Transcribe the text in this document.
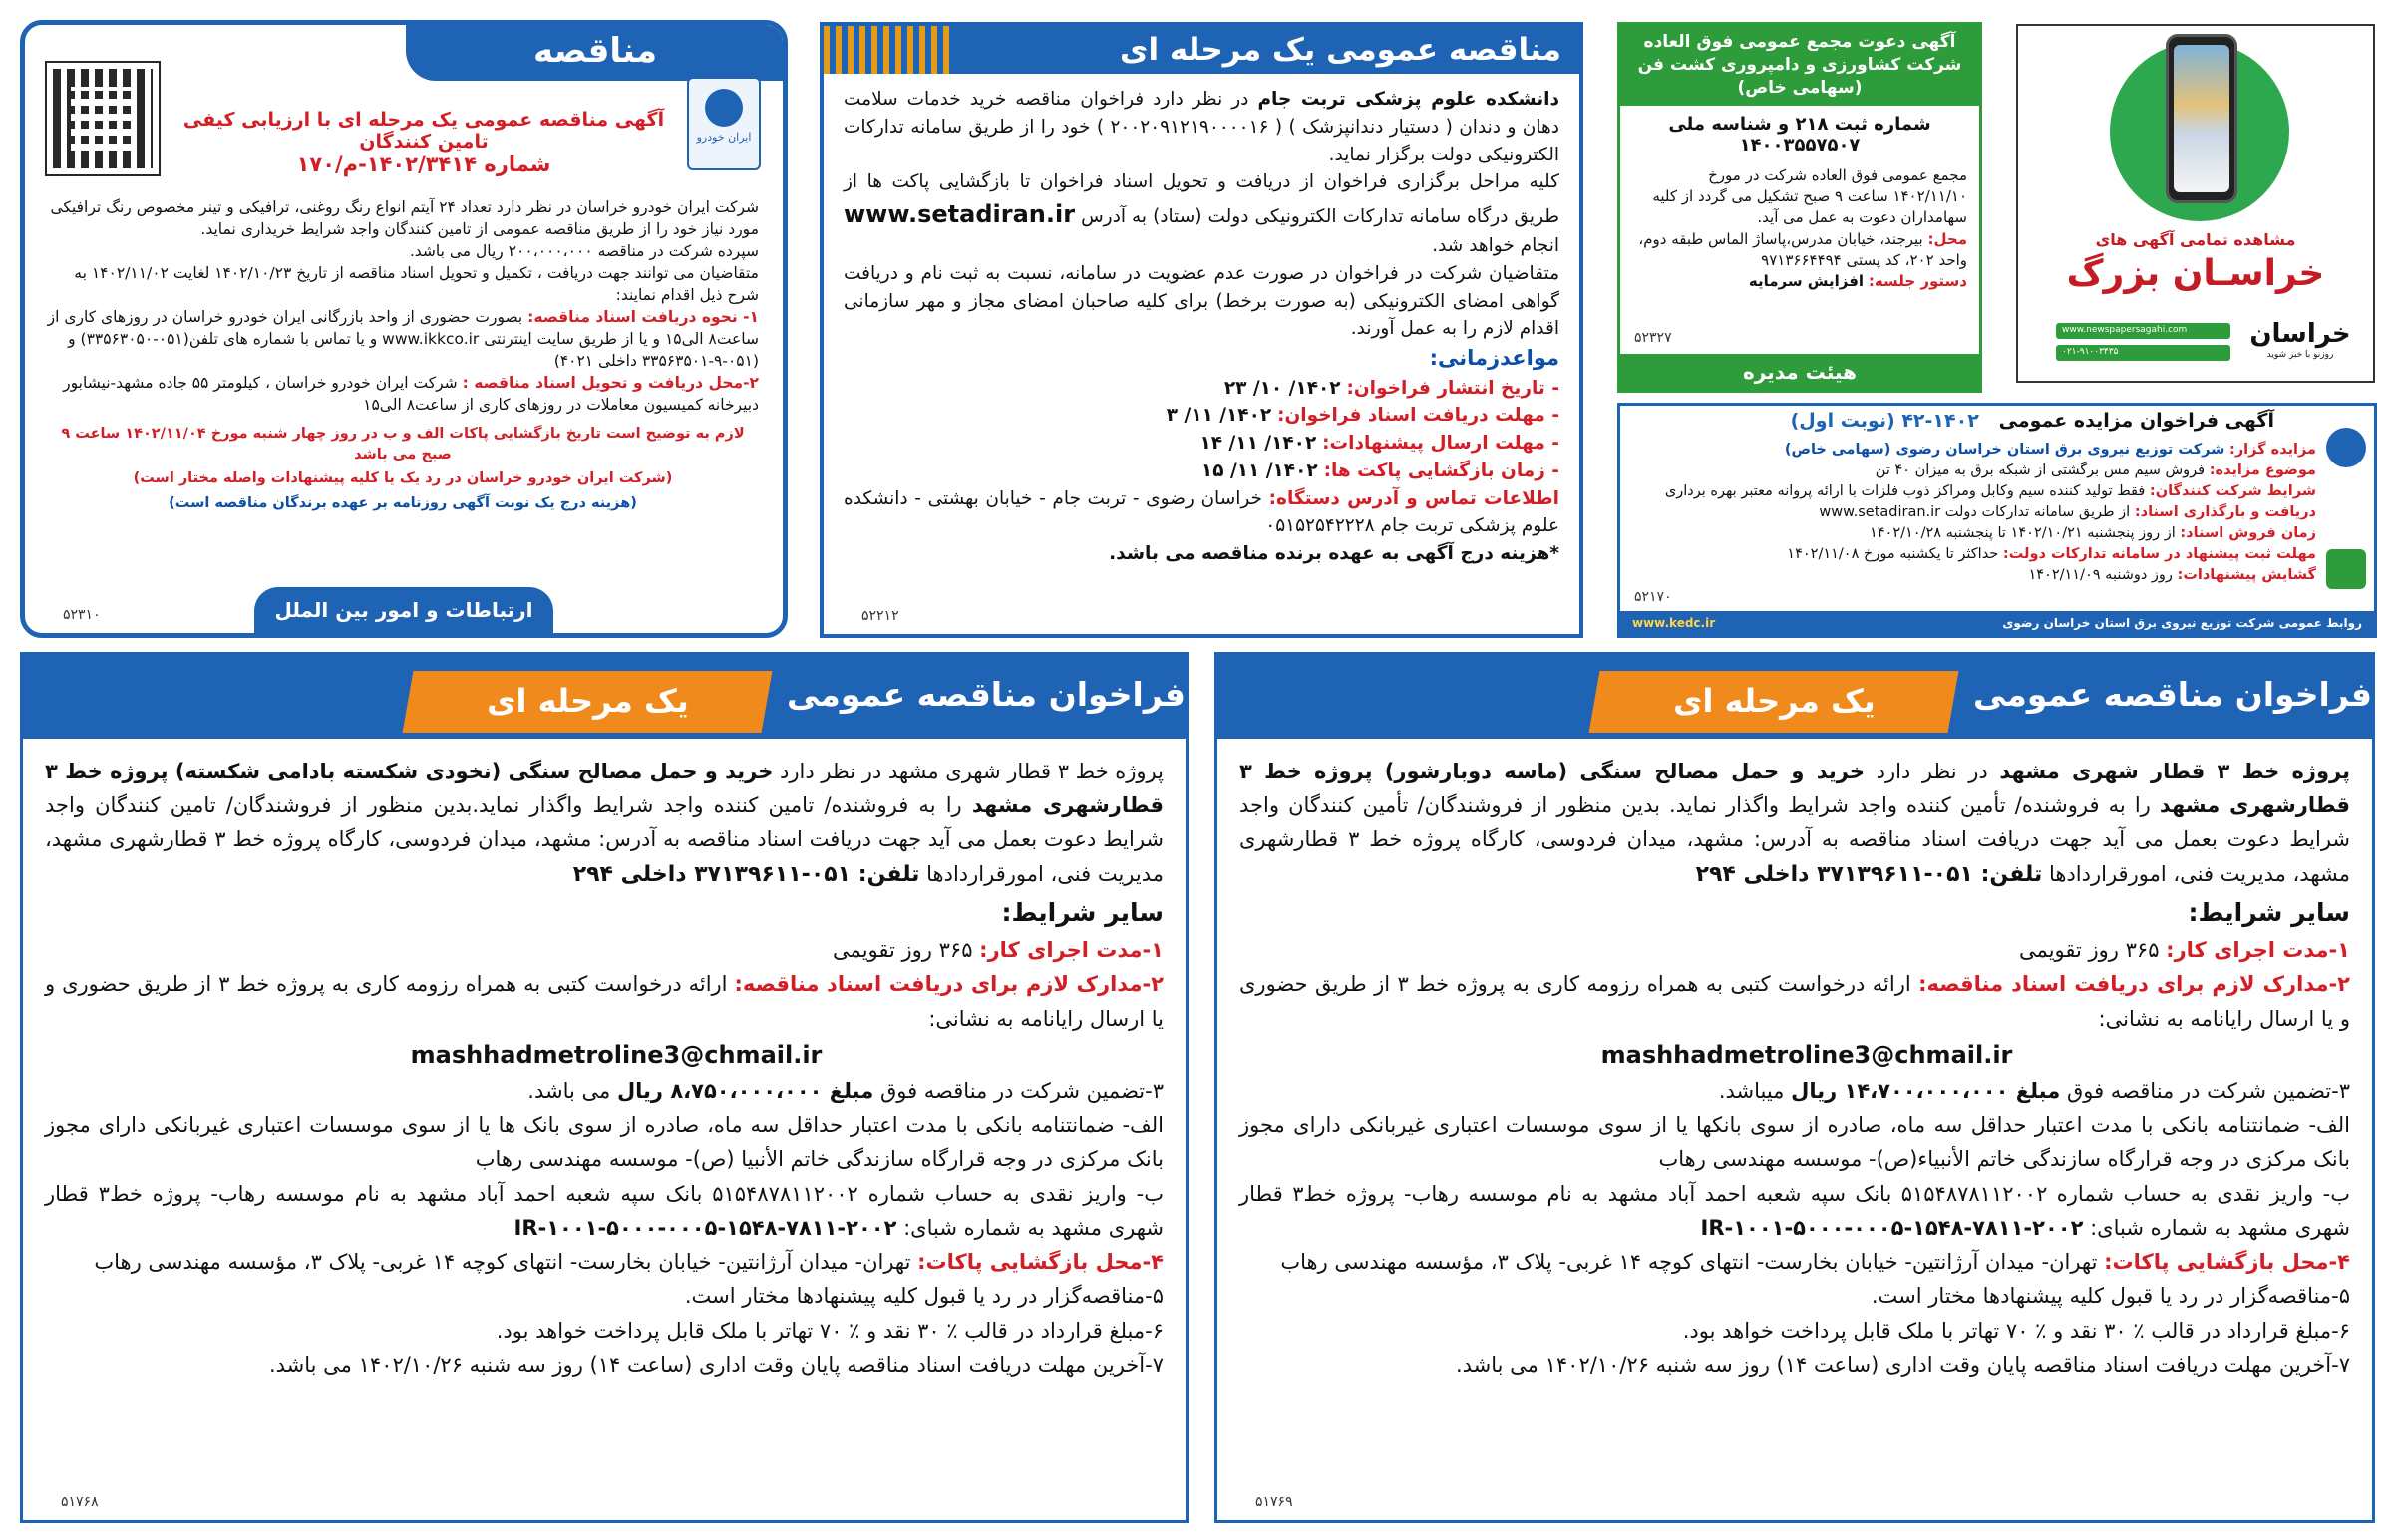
مناقصه
ایران خودرو
آگهی مناقصه عمومی یک مرحله ای با ارزیابی کیفی تامین کنندگان
شماره ۱۴۰۲/۳۴۱۴-م/۱۷۰

شرکت ایران خودرو خراسان در نظر دارد تعداد ۲۴ آیتم انواع رنگ روغنی، ترافیکی و تینر مخصوص رنگ ترافیکی مورد نیاز خود را از طریق مناقصه عمومی از تامین کنندگان واجد شرایط خریداری نماید.

سپرده شرکت در مناقصه ۲۰۰،۰۰۰،۰۰۰ ریال می باشد.

متقاضیان می توانند جهت دریافت ، تکمیل و تحویل اسناد مناقصه از تاریخ ۱۴۰۲/۱۰/۲۳ لغایت ۱۴۰۲/۱۱/۰۲ به شرح ذیل اقدام نمایند:

۱- نحوه دریافت اسناد مناقصه: بصورت حضوری از واحد بازرگانی ایران خودرو خراسان در روزهای کاری از ساعت۸ الی۱۵ و یا از طریق سایت اینترنتی www.ikkco.ir و یا تماس با شماره های تلفن(۰۵۱-۳۳۵۶۳۰۵۰) و (۰۵۱-۹-۳۳۵۶۳۵۰۱ داخلی ۴۰۲۱)

۲-محل دریافت و تحویل اسناد مناقصه : شرکت ایران خودرو خراسان ، کیلومتر ۵۵ جاده مشهد-نیشابور دبیرخانه کمیسیون معاملات در روزهای کاری از ساعت۸ الی۱۵

لازم به توضیح است تاریخ بازگشایی پاکات الف و ب در روز چهار شنبه مورخ ۱۴۰۲/۱۱/۰۴ ساعت ۹ صبح می باشد

(شرکت ایران خودرو خراسان در رد یک یا کلیه پیشنهادات واصله مختار است)

(هزینه درج یک نوبت آگهی روزنامه بر عهده برندگان مناقصه است)

ارتباطات و امور بین الملل
۵۲۳۱۰
مناقصه عمومی یک مرحله ای

دانشکده علوم پزشکی تربت جام در نظر دارد فراخوان مناقصه خرید خدمات سلامت دهان و دندان ( دستیار دندانپزشک ) ( ۲۰۰۲۰۹۱۲۱۹۰۰۰۰۱۶ ) خود را از طریق سامانه تدارکات الکترونیکی دولت برگزار نماید.

کلیه مراحل برگزاری فراخوان از دریافت و تحویل اسناد فراخوان تا بازگشایی پاکت ها از طریق درگاه سامانه تدارکات الکترونیکی دولت (ستاد) به آدرس www.setadiran.ir انجام خواهد شد.

متقاضیان شرکت در فراخوان در صورت عدم عضویت در سامانه، نسبت به ثبت نام و دریافت گواهی امضای الکترونیکی (به صورت برخط) برای کلیه صاحبان امضای مجاز و مهر سازمانی اقدام لازم را به عمل آورند.

مواعدزمانی:

- تاریخ انتشار فراخوان: ۱۴۰۲/ ۱۰/ ۲۳

- مهلت دریافت اسناد فراخوان: ۱۴۰۲/ ۱۱/ ۳

- مهلت ارسال پیشنهادات: ۱۴۰۲/ ۱۱/ ۱۴

- زمان بازگشایی پاکت ها: ۱۴۰۲/ ۱۱/ ۱۵

اطلاعات تماس و آدرس دستگاه: خراسان رضوی - تربت جام - خیابان بهشتی - دانشکده علوم پزشکی تربت جام ۰۵۱۵۲۵۴۲۲۲۸

*هزینه درج آگهی به عهده برنده مناقصه می باشد.

۵۲۲۱۲
آگهی دعوت مجمع عمومی فوق العاده شرکت کشاورزی و دامپروری کشت فن (سهامی خاص)
شماره ثبت ۲۱۸ و شناسه ملی ۱۴۰۰۳۵۵۷۵۰۷

مجمع عمومی فوق العاده شرکت در مورخ ۱۴۰۲/۱۱/۱۰ ساعت ۹ صبح تشکیل می گردد از کلیه سهامداران دعوت به عمل می آید.

محل: بیرجند، خیابان مدرس،پاساژ الماس طبقه دوم، واحد ۲۰۲، کد پستی ۹۷۱۳۶۶۴۴۹۴

دستور جلسه: افزایش سرمایه

۵۲۳۲۷
هیئت مدیره
مشاهده تمامی آگهی های
خراسـان بزرگ
www.newspapersagahi.com
۰۲۱-۹۱۰۰۳۴۳۵
خراسان
روزنو با خبر شوید
آگهی فراخوان مزایده عمومی   ۱۴۰۲-۴۲ (نوبت اول)

مزایده گزار: شرکت توزیع نیروی برق استان خراسان رضوی (سهامی خاص)

موضوع مزایده: فروش سیم مس برگشتی از شبکه برق به میزان ۴۰ تن

شرایط شرکت کنندگان: فقط تولید کننده سیم وکابل ومراکز ذوب فلزات با ارائه پروانه معتبر بهره برداری

دریافت و بارگذاری اسناد: از طریق سامانه تدارکات دولت www.setadiran.ir

زمان فروش اسناد: از روز پنجشنبه ۱۴۰۲/۱۰/۲۱ تا پنجشنبه ۱۴۰۲/۱۰/۲۸

مهلت ثبت پیشنهاد در سامانه تدارکات دولت: حداکثر تا یکشنبه مورخ ۱۴۰۲/۱۱/۰۸

گشایش پیشنهادات: روز دوشنبه ۱۴۰۲/۱۱/۰۹

۵۲۱۷۰
روابط عمومی شرکت توزیع نیروی برق استان خراسان رضوی
www.kedc.ir
فراخوان مناقصه عمومی
یک مرحله ای

پروژه خط ۳ قطار شهری مشهد در نظر دارد خرید و حمل مصالح سنگی (نخودی شکسته بادامی شکسته) پروژه خط ۳ قطارشهری مشهد را به فروشنده/ تامین کننده واجد شرایط واگذار نماید.بدین منظور از فروشندگان/ تامین کنندگان واجد شرایط دعوت بعمل می آید جهت دریافت اسناد مناقصه به آدرس: مشهد، میدان فردوسی، کارگاه پروژه خط ۳ قطارشهری مشهد، مدیریت فنی، امورقراردادها تلفن: ۰۵۱-۳۷۱۳۹۶۱۱ داخلی ۲۹۴

سایر شرایط:

۱-مدت اجرای کار: ۳۶۵ روز تقویمی

۲-مدارک لازم برای دریافت اسناد مناقصه: ارائه درخواست کتبی به همراه رزومه کاری به پروژه خط ۳ از طریق حضوری و یا ارسال رایانامه به نشانی:

mashhadmetroline3@chmail.ir

۳-تضمین شرکت در مناقصه فوق مبلغ ۸،۷۵۰،۰۰۰،۰۰۰ ریال می باشد.

الف- ضمانتنامه بانکی با مدت اعتبار حداقل سه ماه، صادره از سوی بانک ها یا از سوی موسسات اعتباری غیربانکی دارای مجوز بانک مرکزی در وجه قرارگاه سازندگی خاتم الأنبیا (ص)- موسسه مهندسی رهاب

ب- واریز نقدی به حساب شماره ۵۱۵۴۸۷۸۱۱۲۰۰۲ بانک سپه شعبه احمد آباد مشهد به نام موسسه رهاب- پروژه خط۳ قطار شهری مشهد به شماره شبای: IR-۱۰۰۱-۵۰۰۰-۰۰۰۵-۱۵۴۸-۷۸۱۱-۲۰۰۲

۴-محل بازگشایی پاکات: تهران- میدان آرژانتین- خیابان بخارست- انتهای کوچه ۱۴ غربی- پلاک ۳، مؤسسه مهندسی رهاب

۵-مناقصه‌گزار در رد یا قبول کلیه پیشنهادها مختار است.

۶-مبلغ قرارداد در قالب ٪ ۳۰ نقد و ٪ ۷۰ تهاتر با ملک قابل پرداخت خواهد بود.

۷-آخرین مهلت دریافت اسناد مناقصه پایان وقت اداری (ساعت ۱۴) روز سه شنبه ۱۴۰۲/۱۰/۲۶ می باشد.

۵۱۷۶۸
فراخوان مناقصه عمومی
یک مرحله ای

پروژه خط ۳ قطار شهری مشهد در نظر دارد خرید و حمل مصالح سنگی (ماسه دوبارشور) پروژه خط ۳ قطارشهری مشهد را به فروشنده/ تأمین کننده واجد شرایط واگذار نماید. بدین منظور از فروشندگان/ تأمین کنندگان واجد شرایط دعوت بعمل می آید جهت دریافت اسناد مناقصه به آدرس: مشهد، میدان فردوسی، کارگاه پروژه خط ۳ قطارشهری مشهد، مدیریت فنی، امورقراردادها تلفن: ۰۵۱-۳۷۱۳۹۶۱۱ داخلی ۲۹۴

سایر شرایط:

۱-مدت اجرای کار: ۳۶۵ روز تقویمی

۲-مدارک لازم برای دریافت اسناد مناقصه: ارائه درخواست کتبی به همراه رزومه کاری به پروژه خط ۳ از طریق حضوری و یا ارسال رایانامه به نشانی:

mashhadmetroline3@chmail.ir

۳-تضمین شرکت در مناقصه فوق مبلغ ۱۴،۷۰۰،۰۰۰،۰۰۰ ریال میباشد.

الف- ضمانتنامه بانکی با مدت اعتبار حداقل سه ماه، صادره از سوی بانکها یا از سوی موسسات اعتباری غیربانکی دارای مجوز بانک مرکزی در وجه قرارگاه سازندگی خاتم الأنبیاء(ص)- موسسه مهندسی رهاب

ب- واریز نقدی به حساب شماره ۵۱۵۴۸۷۸۱۱۲۰۰۲ بانک سپه شعبه احمد آباد مشهد به نام موسسه رهاب- پروژه خط۳ قطار شهری مشهد به شماره شبای: IR-۱۰۰۱-۵۰۰۰-۰۰۰۵-۱۵۴۸-۷۸۱۱-۲۰۰۲

۴-محل بازگشایی پاکات: تهران- میدان آرژانتین- خیابان بخارست- انتهای کوچه ۱۴ غربی- پلاک ۳، مؤسسه مهندسی رهاب

۵-مناقصه‌گزار در رد یا قبول کلیه پیشنهادها مختار است.

۶-مبلغ قرارداد در قالب ٪ ۳۰ نقد و ٪ ۷۰ تهاتر با ملک قابل پرداخت خواهد بود.

۷-آخرین مهلت دریافت اسناد مناقصه پایان وقت اداری (ساعت ۱۴) روز سه شنبه ۱۴۰۲/۱۰/۲۶ می باشد.

۵۱۷۶۹
